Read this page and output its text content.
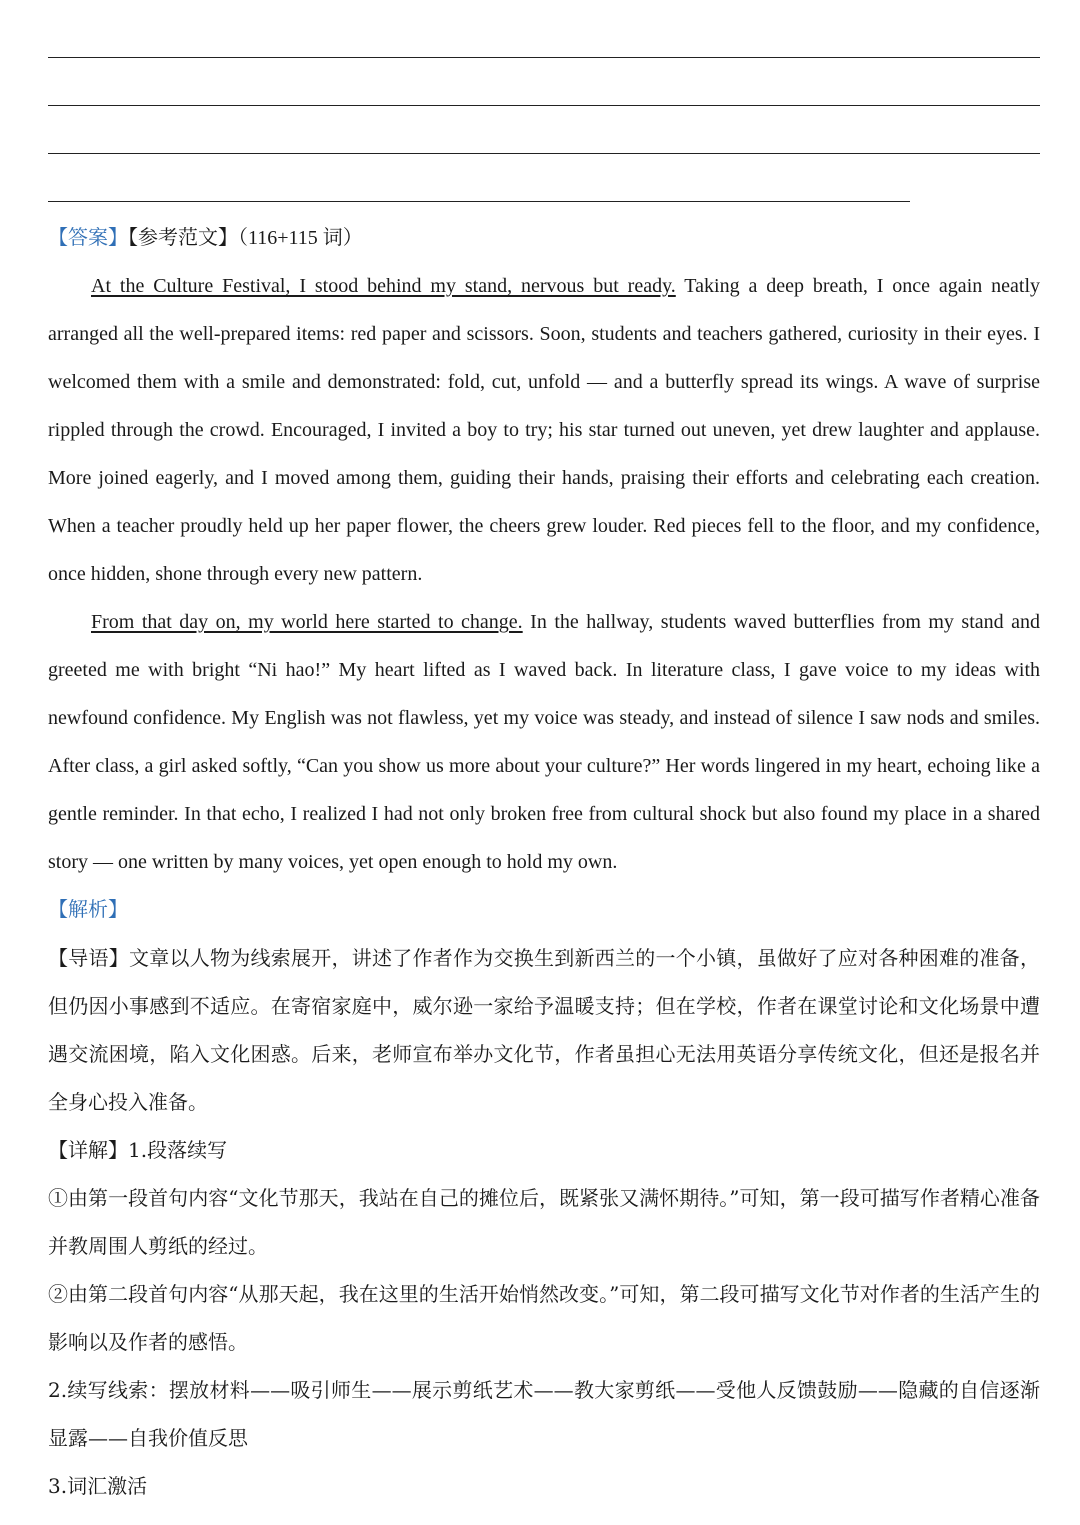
【答案】【参考范文】（116+115 词）

At the Culture Festival, I stood behind my stand, nervous but ready. Taking a deep breath, I once again neatly arranged all the well-prepared items: red paper and scissors. Soon, students and teachers gathered, curiosity in their eyes. I welcomed them with a smile and demonstrated: fold, cut, unfold — and a butterfly spread its wings. A wave of surprise rippled through the crowd. Encouraged, I invited a boy to try; his star turned out uneven, yet drew laughter and applause. More joined eagerly, and I moved among them, guiding their hands, praising their efforts and celebrating each creation. When a teacher proudly held up her paper flower, the cheers grew louder. Red pieces fell to the floor, and my confidence, once hidden, shone through every new pattern.

From that day on, my world here started to change. In the hallway, students waved butterflies from my stand and greeted me with bright “Ni hao!” My heart lifted as I waved back. In literature class, I gave voice to my ideas with newfound confidence. My English was not flawless, yet my voice was steady, and instead of silence I saw nods and smiles. After class, a girl asked softly, “Can you show us more about your culture?” Her words lingered in my heart, echoing like a gentle reminder. In that echo, I realized I had not only broken free from cultural shock but also found my place in a shared story — one written by many voices, yet open enough to hold my own.

【解析】

【导语】文章以人物为线索展开，讲述了作者作为交换生到新西兰的一个小镇，虽做好了应对各种困难的准备，但仍因小事感到不适应。在寄宿家庭中，威尔逊一家给予温暖支持；但在学校，作者在课堂讨论和文化场景中遭遇交流困境，陷入文化困惑。后来，老师宣布举办文化节，作者虽担心无法用英语分享传统文化，但还是报名并全身心投入准备。

【详解】1.段落续写

①由第一段首句内容“文化节那天，我站在自己的摊位后，既紧张又满怀期待。”可知，第一段可描写作者精心准备并教周围人剪纸的经过。

②由第二段首句内容“从那天起，我在这里的生活开始悄然改变。”可知，第二段可描写文化节对作者的生活产生的影响以及作者的感悟。

2.续写线索：摆放材料——吸引师生——展示剪纸艺术——教大家剪纸——受他人反馈鼓励——隐藏的自信逐渐显露——自我价值反思

3.词汇激活
